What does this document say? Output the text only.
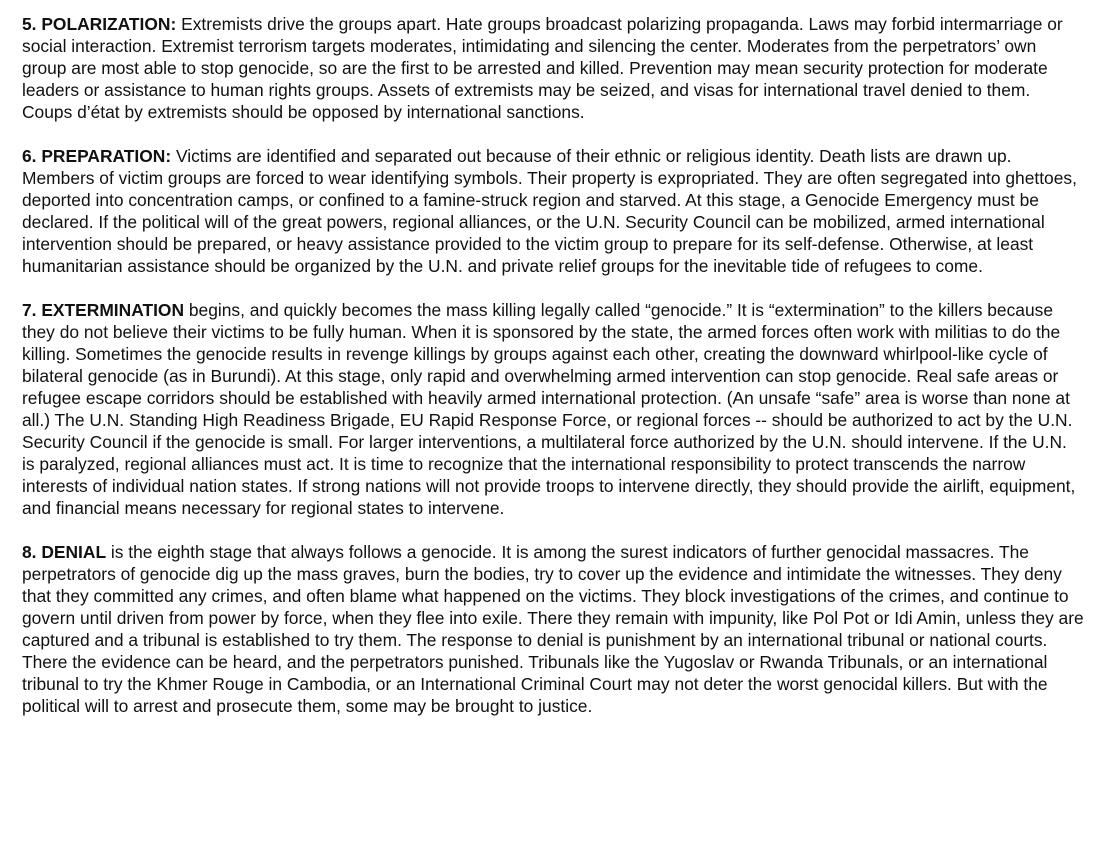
5. POLARIZATION: Extremists drive the groups apart. Hate groups broadcast polarizing propaganda. Laws may forbid intermarriage or social interaction. Extremist terrorism targets moderates, intimidating and silencing the center. Moderates from the perpetrators’ own group are most able to stop genocide, so are the first to be arrested and killed. Prevention may mean security protection for moderate leaders or assistance to human rights groups. Assets of extremists may be seized, and visas for international travel denied to them. Coups d’état by extremists should be opposed by international sanctions.

6. PREPARATION: Victims are identified and separated out because of their ethnic or religious identity. Death lists are drawn up. Members of victim groups are forced to wear identifying symbols. Their property is expropriated. They are often segregated into ghettoes, deported into concentration camps, or confined to a famine-struck region and starved. At this stage, a Genocide Emergency must be declared. If the political will of the great powers, regional alliances, or the U.N. Security Council can be mobilized, armed international intervention should be prepared, or heavy assistance provided to the victim group to prepare for its self-defense. Otherwise, at least humanitarian assistance should be organized by the U.N. and private relief groups for the inevitable tide of refugees to come.

7. EXTERMINATION begins, and quickly becomes the mass killing legally called “genocide.” It is “extermination” to the killers because they do not believe their victims to be fully human. When it is sponsored by the state, the armed forces often work with militias to do the killing. Sometimes the genocide results in revenge killings by groups against each other, creating the downward whirlpool-like cycle of bilateral genocide (as in Burundi). At this stage, only rapid and overwhelming armed intervention can stop genocide. Real safe areas or refugee escape corridors should be established with heavily armed international protection. (An unsafe “safe” area is worse than none at all.) The U.N. Standing High Readiness Brigade, EU Rapid Response Force, or regional forces -- should be authorized to act by the U.N. Security Council if the genocide is small. For larger interventions, a multilateral force authorized by the U.N. should intervene. If the U.N. is paralyzed, regional alliances must act. It is time to recognize that the international responsibility to protect transcends the narrow interests of individual nation states. If strong nations will not provide troops to intervene directly, they should provide the airlift, equipment, and financial means necessary for regional states to intervene.

8. DENIAL is the eighth stage that always follows a genocide. It is among the surest indicators of further genocidal massacres. The perpetrators of genocide dig up the mass graves, burn the bodies, try to cover up the evidence and intimidate the witnesses. They deny that they committed any crimes, and often blame what happened on the victims. They block investigations of the crimes, and continue to govern until driven from power by force, when they flee into exile. There they remain with impunity, like Pol Pot or Idi Amin, unless they are captured and a tribunal is established to try them. The response to denial is punishment by an international tribunal or national courts. There the evidence can be heard, and the perpetrators punished. Tribunals like the Yugoslav or Rwanda Tribunals, or an international tribunal to try the Khmer Rouge in Cambodia, or an International Criminal Court may not deter the worst genocidal killers. But with the political will to arrest and prosecute them, some may be brought to justice.
